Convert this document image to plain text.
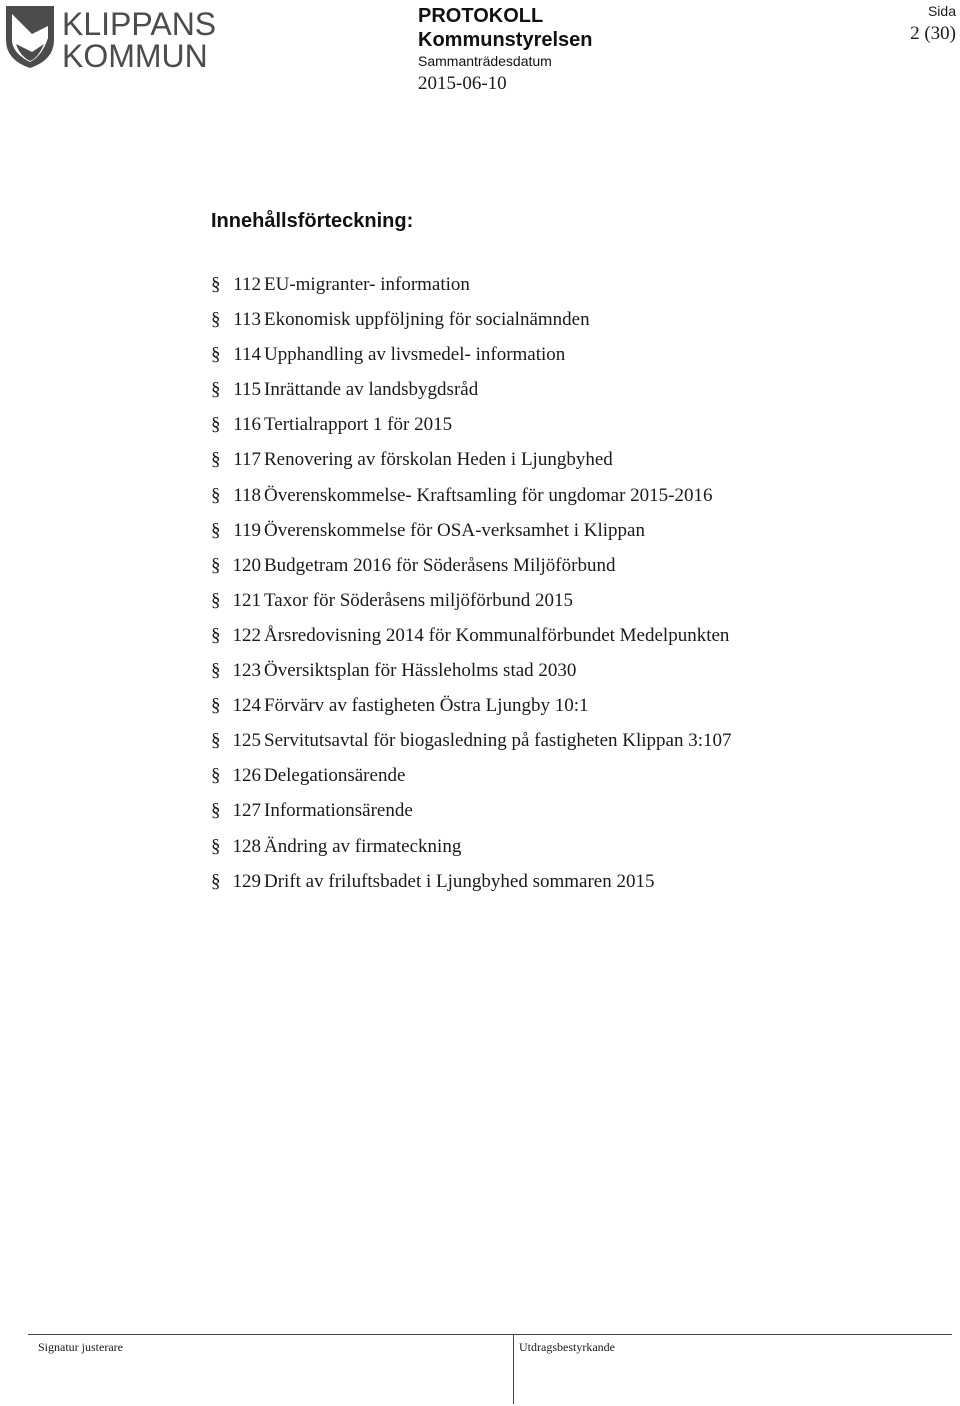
KLIPPANS
KOMMUN
PROTOKOLL
Kommunstyrelsen
Sammanträdesdatum
2015-06-10
Sida
2 (30)
Innehållsförteckning:
§ 112 EU-migranter- information
§ 113 Ekonomisk uppföljning för socialnämnden
§ 114 Upphandling av livsmedel- information
§ 115 Inrättande av landsbygdsråd
§ 116 Tertialrapport 1 för 2015
§ 117 Renovering av förskolan Heden i Ljungbyhed
§ 118 Överenskommelse- Kraftsamling för ungdomar 2015-2016
§ 119 Överenskommelse för OSA-verksamhet i Klippan
§ 120 Budgetram 2016 för Söderåsens Miljöförbund
§ 121 Taxor för Söderåsens miljöförbund 2015
§ 122 Årsredovisning 2014 för Kommunalförbundet Medelpunkten
§ 123 Översiktsplan för Hässleholms stad 2030
§ 124 Förvärv av fastigheten Östra Ljungby 10:1
§ 125 Servitutsavtal för biogasledning på fastigheten Klippan 3:107
§ 126 Delegationsärende
§ 127 Informationsärende
§ 128 Ändring av firmateckning
§ 129 Drift av friluftsbadet i Ljungbyhed sommaren 2015
Signatur justerare	Utdragsbestyrkande
